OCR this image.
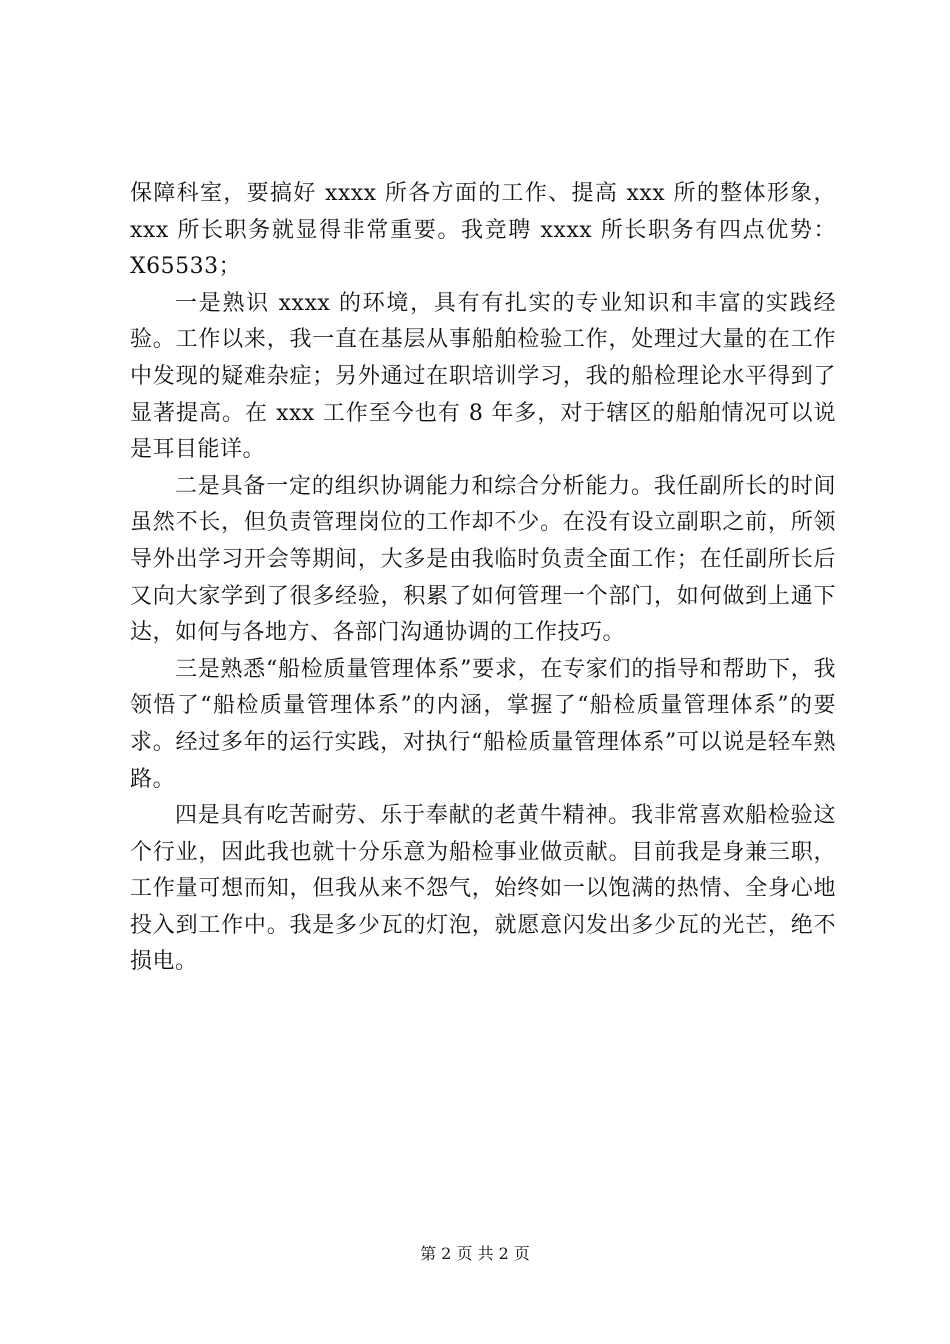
保障科室，要搞好 xxxx 所各方面的工作、提高 xxx 所的整体形象，xxx 所长职务就显得非常重要。我竞聘 xxxx 所长职务有四点优势：X65533；

一是熟识 xxxx 的环境，具有有扎实的专业知识和丰富的实践经验。工作以来，我一直在基层从事船舶检验工作，处理过大量的在工作中发现的疑难杂症；另外通过在职培训学习，我的船检理论水平得到了显著提高。在 xxx 工作至今也有 8 年多，对于辖区的船舶情况可以说是耳目能详。

二是具备一定的组织协调能力和综合分析能力。我任副所长的时间虽然不长，但负责管理岗位的工作却不少。在没有设立副职之前，所领导外出学习开会等期间，大多是由我临时负责全面工作；在任副所长后又向大家学到了很多经验，积累了如何管理一个部门，如何做到上通下达，如何与各地方、各部门沟通协调的工作技巧。

三是熟悉“船检质量管理体系”要求，在专家们的指导和帮助下，我领悟了“船检质量管理体系”的内涵，掌握了“船检质量管理体系”的要求。经过多年的运行实践，对执行“船检质量管理体系”可以说是轻车熟路。

四是具有吃苦耐劳、乐于奉献的老黄牛精神。我非常喜欢船检验这个行业，因此我也就十分乐意为船检事业做贡献。目前我是身兼三职，工作量可想而知，但我从来不怨气，始终如一以饱满的热情、全身心地投入到工作中。我是多少瓦的灯泡，就愿意闪发出多少瓦的光芒，绝不损电。

第 2 页 共 2 页
